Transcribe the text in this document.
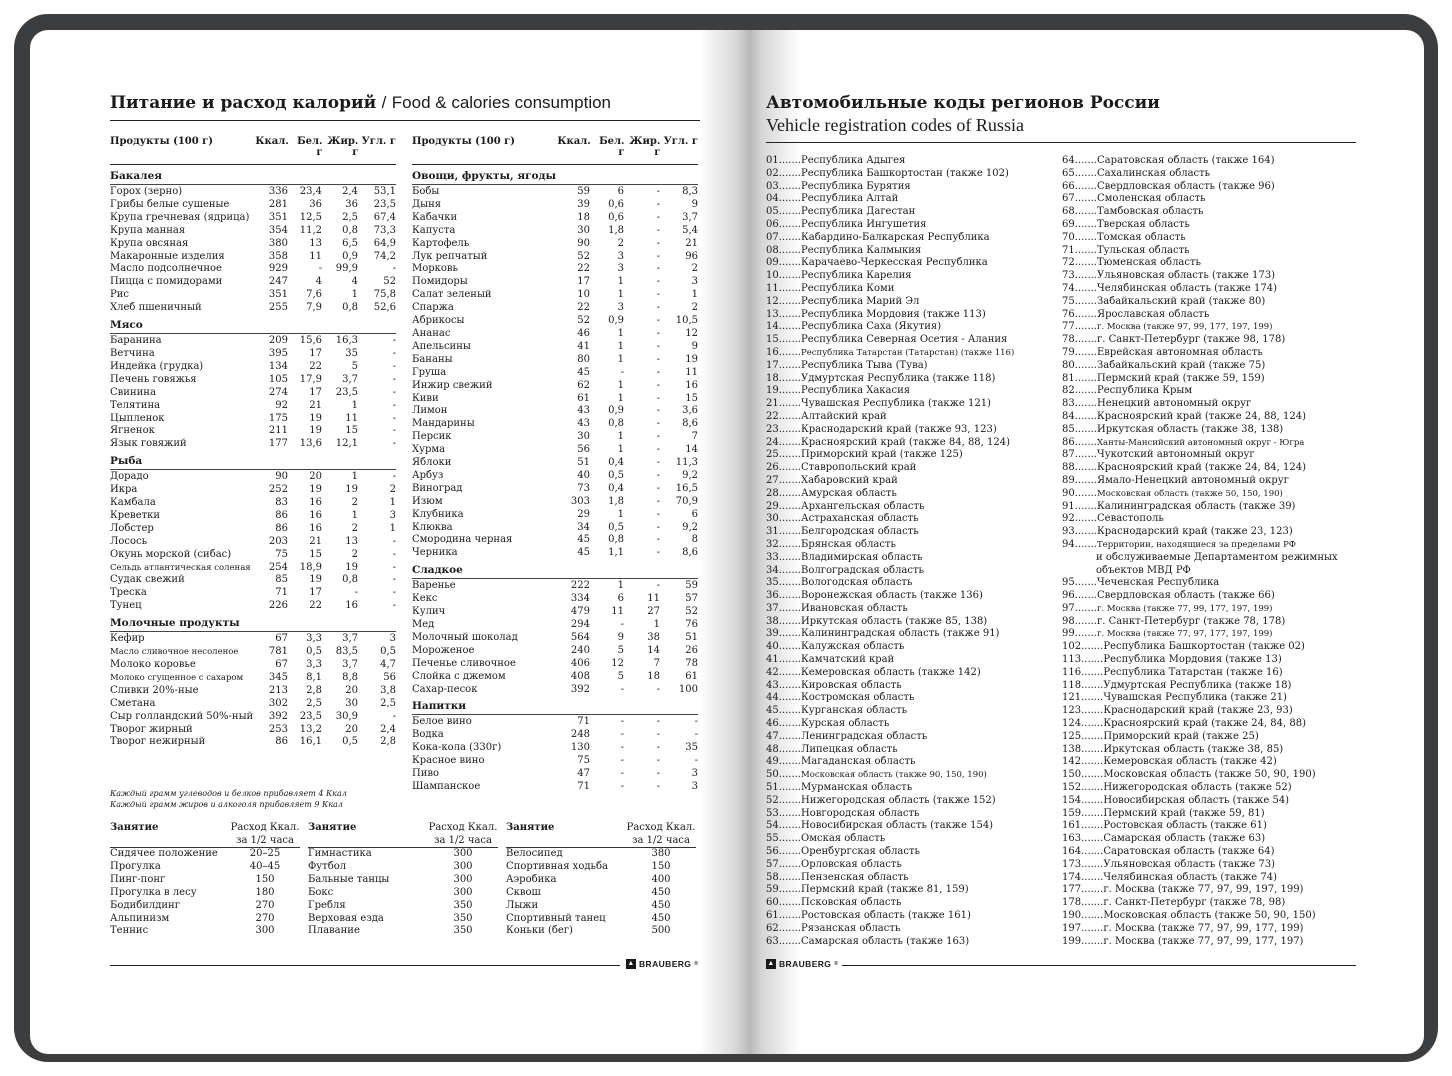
Питание и расход калорий / Food & calories consumption
Продукты (100 г)	Ккал.	Бел. г	Жир. г	Угл. г
Бакалея
Горох (зерно)	336	23,4	2,4	53,1
Грибы белые сушеные	281	36	36	23,5
Крупа гречневая (ядрица)	351	12,5	2,5	67,4
Крупа манная	354	11,2	0,8	73,3
Крупа овсяная	380	13	6,5	64,9
Макаронные изделия	358	11	0,9	74,2
Масло подсолнечное	929	-	99,9	-
Пицца с помидорами	247	4	4	52
Рис	351	7,6	1	75,8
Хлеб пшеничный	255	7,9	0,8	52,6
Мясо
Баранина	209	15,6	16,3	-
Ветчина	395	17	35	-
Индейка (грудка)	134	22	5	-
Печень говяжья	105	17,9	3,7	-
Свинина	274	17	23,5	-
Телятина	92	21	1	-
Цыпленок	175	19	11	-
Ягненок	211	19	15	-
Язык говяжий	177	13,6	12,1	-
Рыба
Дорадо	90	20	1	-
Икра	252	19	19	2
Камбала	83	16	2	1
Креветки	86	16	1	3
Лобстер	86	16	2	1
Лосось	203	21	13	-
Окунь морской (сибас)	75	15	2	-
Сельдь атлантическая соленая	254	18,9	19	-
Судак свежий	85	19	0,8	-
Треска	71	17	-	-
Тунец	226	22	16	-
Молочные продукты
Кефир	67	3,3	3,7	3
Масло сливочное несоленое	781	0,5	83,5	0,5
Молоко коровье	67	3,3	3,7	4,7
Молоко сгущенное с сахаром	345	8,1	8,8	56
Сливки 20%-ные	213	2,8	20	3,8
Сметана	302	2,5	30	2,5
Сыр голландский 50%-ный	392	23,5	30,9	-
Творог жирный	253	13,2	20	2,4
Творог нежирный	86	16,1	0,5	2,8
Продукты (100 г)	Ккал.	Бел. г	Жир. г	Угл. г
Овощи, фрукты, ягоды
Бобы	59	6	-	8,3
Дыня	39	0,6	-	9
Кабачки	18	0,6	-	3,7
Капуста	30	1,8	-	5,4
Картофель	90	2	-	21
Лук репчатый	52	3	-	96
Морковь	22	3	-	2
Помидоры	17	1	-	3
Салат зеленый	10	1	-	1
Спаржа	22	3	-	2
Абрикосы	52	0,9	-	10,5
Ананас	46	1	-	12
Апельсины	41	1	-	9
Бананы	80	1	-	19
Груша	45	-	-	11
Инжир свежий	62	1	-	16
Киви	61	1	-	15
Лимон	43	0,9	-	3,6
Мандарины	43	0,8	-	8,6
Персик	30	1	-	7
Хурма	56	1	-	14
Яблоки	51	0,4	-	11,3
Арбуз	40	0,5	-	9,2
Виноград	73	0,4	-	16,5
Изюм	303	1,8	-	70,9
Клубника	29	1	-	6
Клюква	34	0,5	-	9,2
Смородина черная	45	0,8	-	8
Черника	45	1,1	-	8,6
Сладкое
Варенье	222	1	-	59
Кекс	334	6	11	57
Кулич	479	11	27	52
Мед	294	-	1	76
Молочный шоколад	564	9	38	51
Мороженое	240	5	14	26
Печенье сливочное	406	12	7	78
Слойка с джемом	408	5	18	61
Сахар-песок	392	-	-	100
Напитки
Белое вино	71	-	-	-
Водка	248	-	-	-
Кока-кола (330г)	130	-	-	35
Красное вино	75	-	-	-
Пиво	47	-	-	3
Шампанское	71	-	-	3
Каждый грамм углеводов и белков прибавляет 4 Ккал
Каждый грамм жиров и алкоголя прибавляет 9 Ккал
Занятие	Расход Ккал. за 1/2 часа
Сидячее положение	20–25
Прогулка	40–45
Пинг-понг	150
Прогулка в лесу	180
Бодибилдинг	270
Альпинизм	270
Теннис	300
Занятие	Расход Ккал. за 1/2 часа
Гимнастика	300
Футбол	300
Бальные танцы	300
Бокс	300
Гребля	350
Верховая езда	350
Плавание	350
Занятие	Расход Ккал. за 1/2 часа
Велосипед	380
Спортивная ходьба	150
Аэробика	400
Сквош	450
Лыжи	450
Спортивный танец	450
Коньки (бег)	500
▲ BRAUBERG ®
Автомобильные коды регионов России
Vehicle registration codes of Russia
01.......Республика Адыгея
02.......Республика Башкортостан (также 102)
03.......Республика Бурятия
04.......Республика Алтай
05.......Республика Дагестан
06.......Республика Ингушетия
07.......Кабардино-Балкарская Республика
08.......Республика Калмыкия
09.......Карачаево-Черкесская Республика
10.......Республика Карелия
11.......Республика Коми
12.......Республика Марий Эл
13.......Республика Мордовия (также 113)
14.......Республика Саха (Якутия)
15.......Республика Северная Осетия - Алания
16.......Республика Татарстан (Татарстан) (также 116)
17.......Республика Тыва (Тува)
18.......Удмуртская Республика (также 118)
19.......Республика Хакасия
21.......Чувашская Республика (также 121)
22.......Алтайский край
23.......Краснодарский край (также 93, 123)
24.......Красноярский край (также 84, 88, 124)
25.......Приморский край (также 125)
26.......Ставропольский край
27.......Хабаровский край
28.......Амурская область
29.......Архангельская область
30.......Астраханская область
31.......Белгородская область
32.......Брянская область
33.......Владимирская область
34.......Волгоградская область
35.......Вологодская область
36.......Воронежская область (также 136)
37.......Ивановская область
38.......Иркутская область (также 85, 138)
39.......Калининградская область (также 91)
40.......Калужская область
41.......Камчатский край
42.......Кемеровская область (также 142)
43.......Кировская область
44.......Костромская область
45.......Курганская область
46.......Курская область
47.......Ленинградская область
48.......Липецкая область
49.......Магаданская область
50.......Московская область (также 90, 150, 190)
51.......Мурманская область
52.......Нижегородская область (также 152)
53.......Новгородская область
54.......Новосибирская область (также 154)
55.......Омская область
56.......Оренбургская область
57.......Орловская область
58.......Пензенская область
59.......Пермский край (также 81, 159)
60.......Псковская область
61.......Ростовская область (также 161)
62.......Рязанская область
63.......Самарская область (также 163)
64.......Саратовская область (также 164)
65.......Сахалинская область
66.......Свердловская область (также 96)
67.......Смоленская область
68.......Тамбовская область
69.......Тверская область
70.......Томская область
71.......Тульская область
72.......Тюменская область
73.......Ульяновская область (также 173)
74.......Челябинская область (также 174)
75.......Забайкальский край (также 80)
76.......Ярославская область
77.......г. Москва (также 97, 99, 177, 197, 199)
78.......г. Санкт-Петербург (также 98, 178)
79.......Еврейская автономная область
80.......Забайкальский край (также 75)
81.......Пермский край (также 59, 159)
82.......Республика Крым
83.......Ненецкий автономный округ
84.......Красноярский край (также 24, 88, 124)
85.......Иркутская область (также 38, 138)
86.......Ханты-Мансийский автономный округ - Югра
87.......Чукотский автономный округ
88.......Красноярский край (также 24, 84, 124)
89.......Ямало-Ненецкий автономный округ
90.......Московская область (также 50, 150, 190)
91.......Калининградская область (также 39)
92.......Севастополь
93.......Краснодарский край (также 23, 123)
94.......Территории, находящиеся за пределами РФ
и обслуживаемые Департаментом режимных
объектов МВД РФ
95.......Чеченская Республика
96.......Свердловская область (также 66)
97.......г. Москва (также 77, 99, 177, 197, 199)
98.......г. Санкт-Петербург (также 78, 178)
99.......г. Москва (также 77, 97, 177, 197, 199)
102.......Республика Башкортостан (также 02)
113.......Республика Мордовия (также 13)
116.......Республика Татарстан (также 16)
118.......Удмуртская Республика (также 18)
121.......Чувашская Республика (также 21)
123.......Краснодарский край (также 23, 93)
124.......Красноярский край (также 24, 84, 88)
125.......Приморский край (также 25)
138.......Иркутская область (также 38, 85)
142.......Кемеровская область (также 42)
150.......Московская область (также 50, 90, 190)
152.......Нижегородская область (также 52)
154.......Новосибирская область (также 54)
159.......Пермский край (также 59, 81)
161.......Ростовская область (также 61)
163.......Самарская область (также 63)
164.......Саратовская область (также 64)
173.......Ульяновская область (также 73)
174.......Челябинская область (также 74)
177.......г. Москва (также 77, 97, 99, 197, 199)
178.......г. Санкт-Петербург (также 78, 98)
190.......Московская область (также 50, 90, 150)
197.......г. Москва (также 77, 97, 99, 177, 199)
199.......г. Москва (также 77, 97, 99, 177, 197)
▲ BRAUBERG ®
